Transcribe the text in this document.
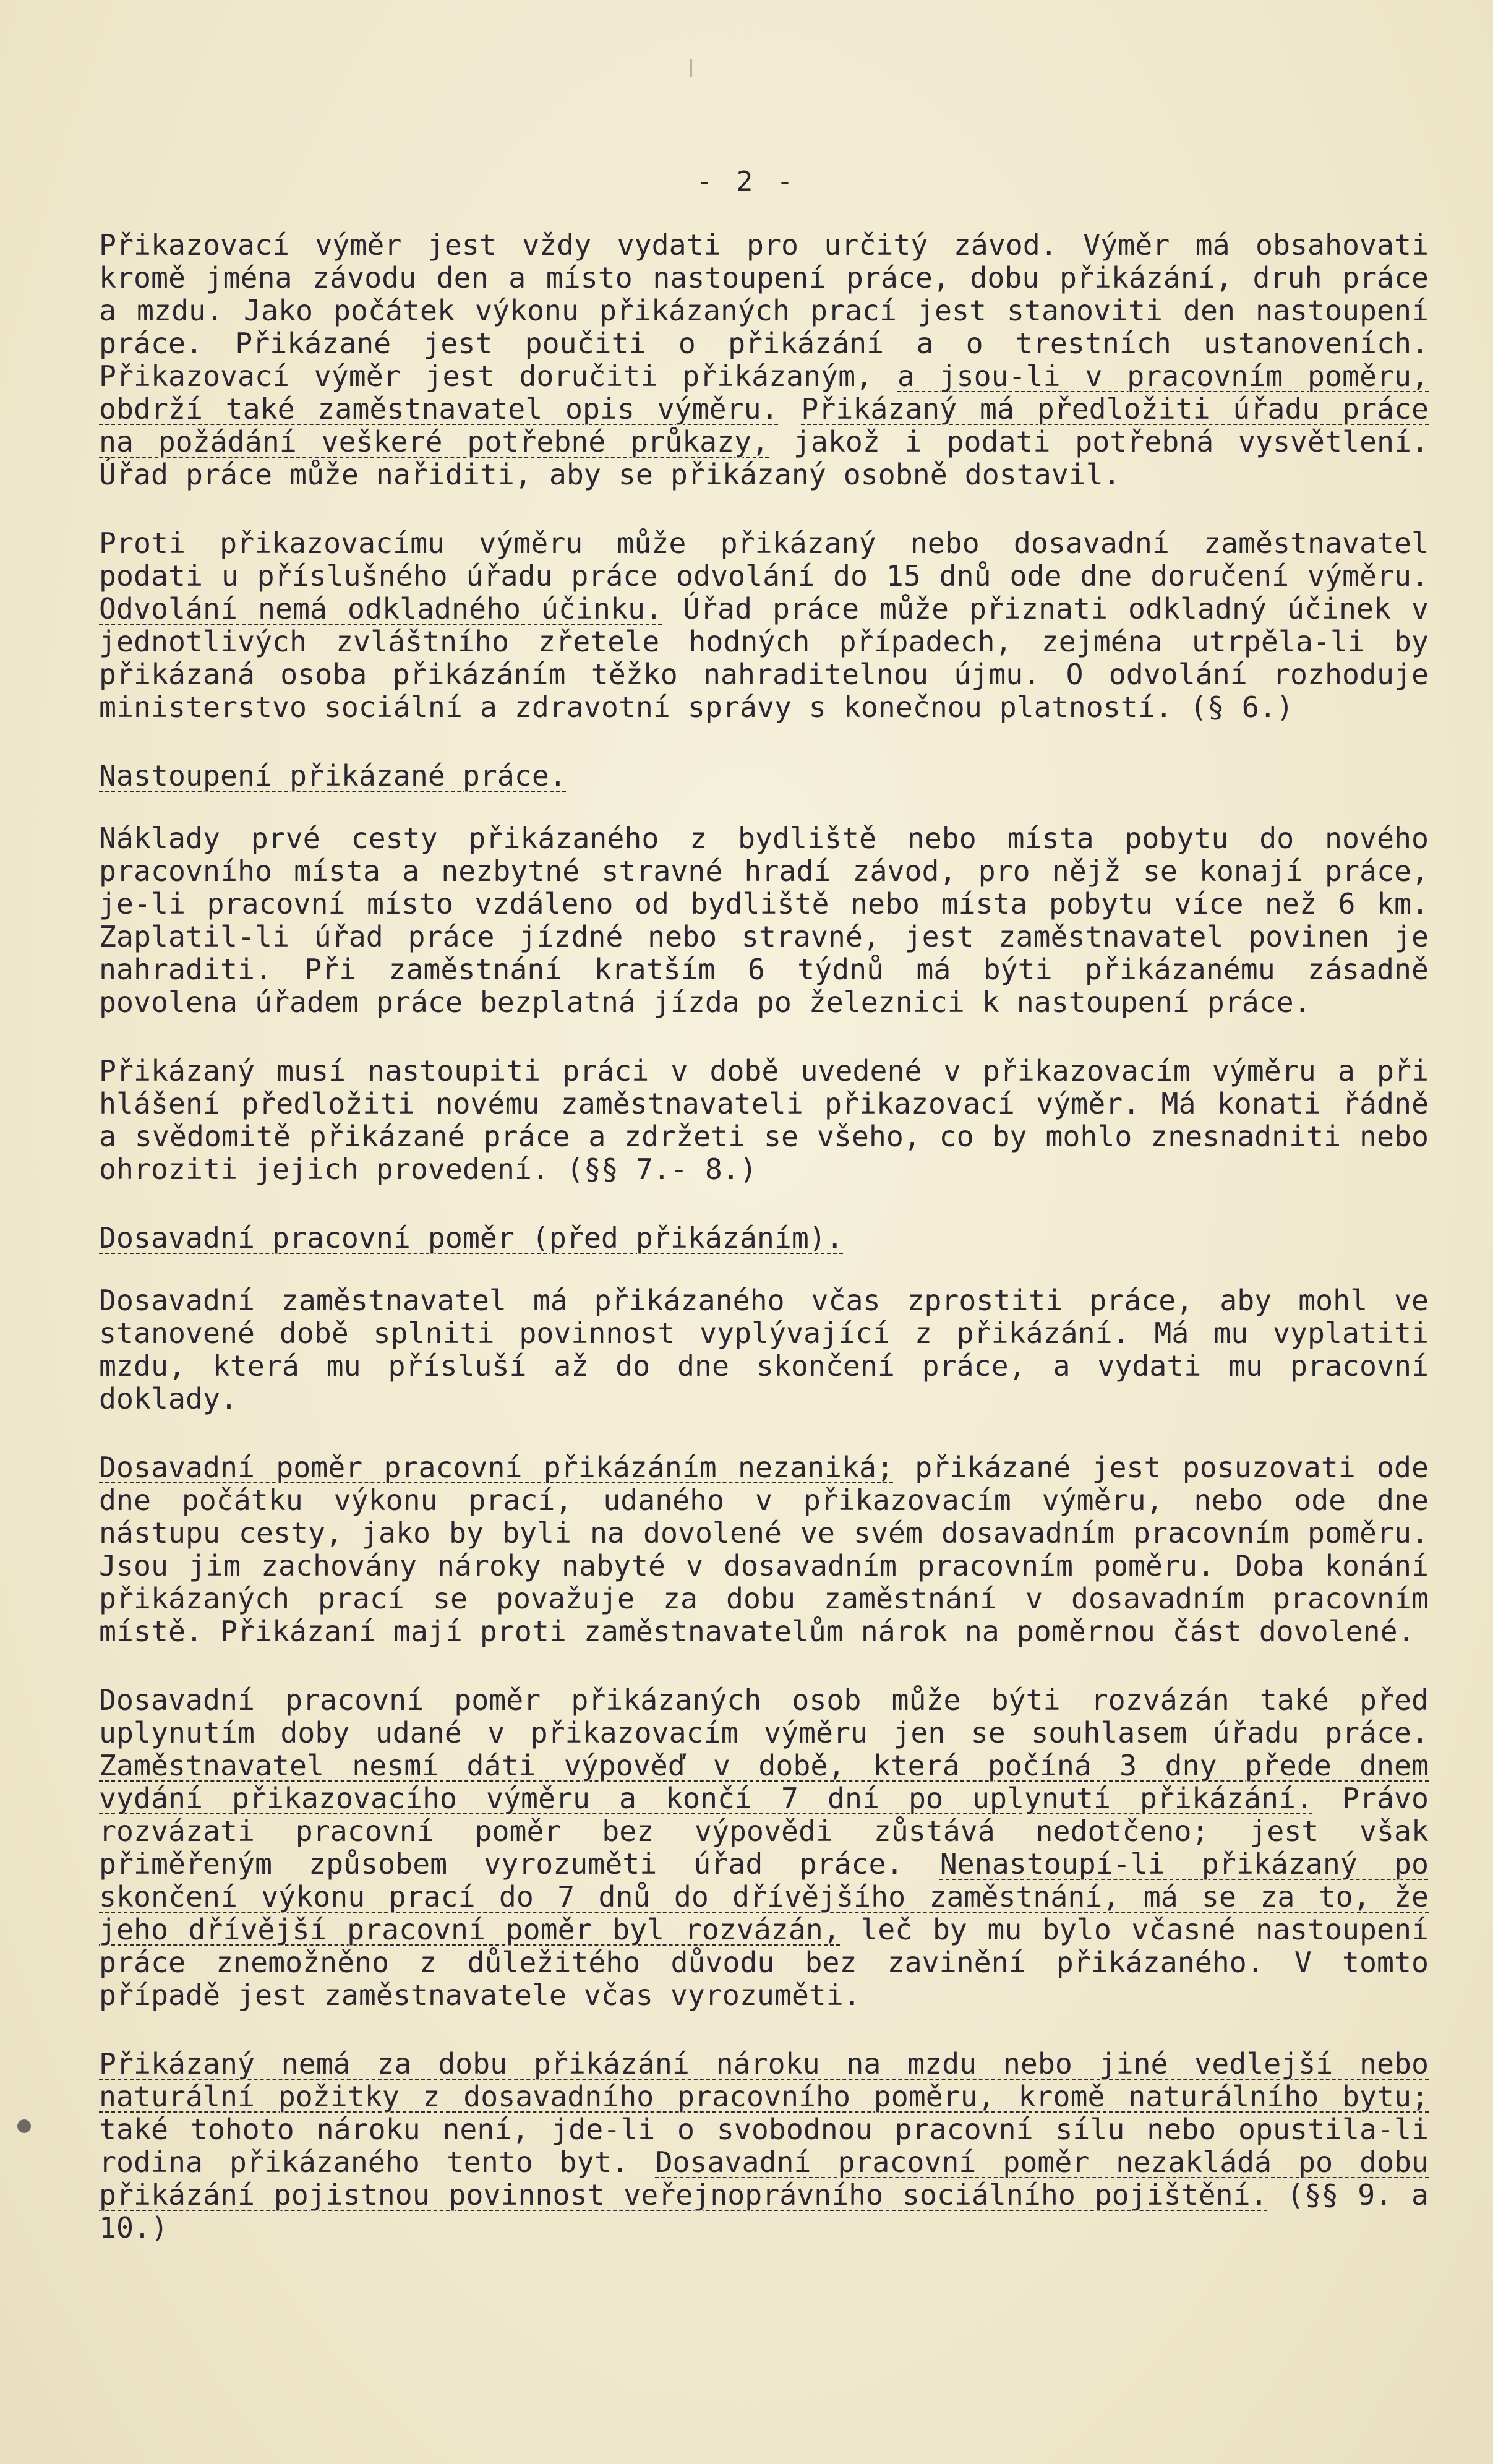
- 2 -

Přikazovací výměr jest vždy vydati pro určitý závod. Výměr má obsahovati kromě jména závodu den a místo nastoupení práce, dobu přikázání, druh práce a mzdu. Jako počátek výkonu přikázaných prací jest stanoviti den nastoupení práce. Přikázané jest poučiti o přikázání a o trestních ustanoveních. Přikazovací výměr jest doručiti přikázaným, a jsou-li v pracovním poměru, obdrží také zaměstnavatel opis výměru. Přikázaný má předložiti úřadu práce na požádání veškeré potřebné průkazy, jakož i podati potřebná vysvětlení. Úřad práce může nařiditi, aby se přikázaný osobně dostavil.

Proti přikazovacímu výměru může přikázaný nebo dosavadní zaměstnavatel podati u příslušného úřadu práce odvolání do 15 dnů ode dne doručení výměru. Odvolání nemá odkladného účinku. Úřad práce může přiznati odkladný účinek v jednotlivých zvláštního zřetele hodných případech, zejména utrpěla-li by přikázaná osoba přikázáním těžko nahraditelnou újmu. O odvolání rozhoduje ministerstvo sociální a zdravotní správy s konečnou platností. (§ 6.)

Nastoupení přikázané práce.

Náklady prvé cesty přikázaného z bydliště nebo místa pobytu do nového pracovního místa a nezbytné stravné hradí závod, pro nějž se konají práce, je-li pracovní místo vzdáleno od bydliště nebo místa pobytu více než 6 km. Zaplatil-li úřad práce jízdné nebo stravné, jest zaměstnavatel povinen je nahraditi. Při zaměstnání kratším 6 týdnů má býti přikázanému zásadně povolena úřadem práce bezplatná jízda po železnici k nastoupení práce.

Přikázaný musí nastoupiti práci v době uvedené v přikazovacím výměru a při hlášení předložiti novému zaměstnavateli přikazovací výměr. Má konati řádně a svědomitě přikázané práce a zdržeti se všeho, co by mohlo znesnadniti nebo ohroziti jejich provedení. (§§ 7.- 8.)

Dosavadní pracovní poměr (před přikázáním).

Dosavadní zaměstnavatel má přikázaného včas zprostiti práce, aby mohl ve stanovené době splniti povinnost vyplývající z přikázání. Má mu vyplatiti mzdu, která mu přísluší až do dne skončení práce, a vydati mu pracovní doklady.

Dosavadní poměr pracovní přikázáním nezaniká; přikázané jest posuzovati ode dne počátku výkonu prací, udaného v přikazovacím výměru, nebo ode dne nástupu cesty, jako by byli na dovolené ve svém dosavadním pracovním poměru. Jsou jim zachovány nároky nabyté v dosavadním pracovním poměru. Doba konání přikázaných prací se považuje za dobu zaměstnání v dosavadním pracovním místě. Přikázaní mají proti zaměstnavatelům nárok na poměrnou část dovolené.

Dosavadní pracovní poměr přikázaných osob může býti rozvázán také před uplynutím doby udané v přikazovacím výměru jen se souhlasem úřadu práce. Zaměstnavatel nesmí dáti výpověď v době, která počíná 3 dny přede dnem vydání přikazovacího výměru a končí 7 dní po uplynutí přikázání. Právo rozvázati pracovní poměr bez výpovědi zůstává nedotčeno; jest však přiměřeným způsobem vyrozuměti úřad práce. Nenastoupí-li přikázaný po skončení výkonu prací do 7 dnů do dřívějšího zaměstnání, má se za to, že jeho dřívější pracovní poměr byl rozvázán, leč by mu bylo včasné nastoupení práce znemožněno z důležitého důvodu bez zavinění přikázaného. V tomto případě jest zaměstnavatele včas vyrozuměti.

Přikázaný nemá za dobu přikázání nároku na mzdu nebo jiné vedlejší nebo naturální požitky z dosavadního pracovního poměru, kromě naturálního bytu; také tohoto nároku není, jde-li o svobodnou pracovní sílu nebo opustila-li rodina přikázaného tento byt. Dosavadní pracovní poměr nezakládá po dobu přikázání pojistnou povinnost veřejnoprávního sociálního pojištění. (§§ 9. a 10.)
